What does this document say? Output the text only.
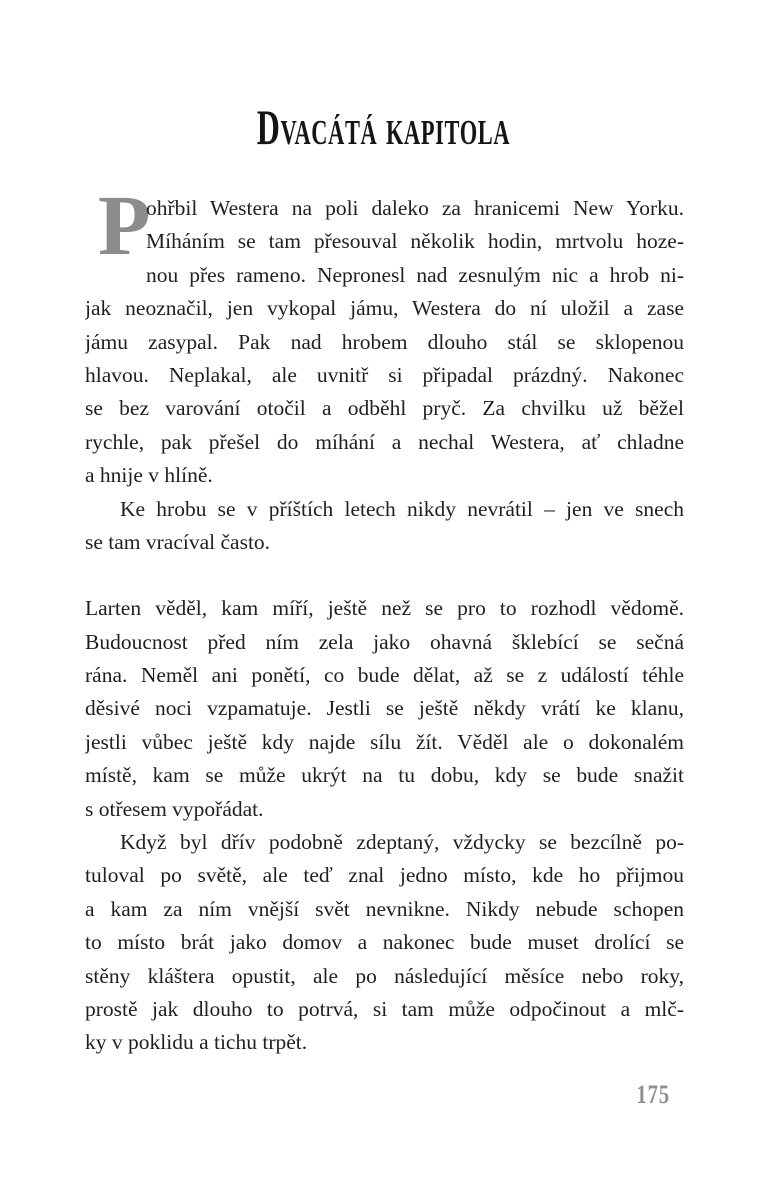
Dvacátá kapitola
P
ohřbil Westera na poli daleko za hranicemi New Yorku.
Míháním se tam přesouval několik hodin, mrtvolu hoze-
nou přes rameno. Nepronesl nad zesnulým nic a hrob ni-
jak neoznačil, jen vykopal jámu, Westera do ní uložil a zase
jámu zasypal. Pak nad hrobem dlouho stál se sklopenou
hlavou. Neplakal, ale uvnitř si připadal prázdný. Nakonec
se bez varování otočil a odběhl pryč. Za chvilku už běžel
rychle, pak přešel do míhání a nechal Westera, ať chladne
a hnije v hlíně.
Ke hrobu se v příštích letech nikdy nevrátil – jen ve snech
se tam vracíval často.
Larten věděl, kam míří, ještě než se pro to rozhodl vědomě.
Budoucnost před ním zela jako ohavná šklebící se sečná
rána. Neměl ani ponětí, co bude dělat, až se z událostí téhle
děsivé noci vzpamatuje. Jestli se ještě někdy vrátí ke klanu,
jestli vůbec ještě kdy najde sílu žít. Věděl ale o dokonalém
místě, kam se může ukrýt na tu dobu, kdy se bude snažit
s otřesem vypořádat.
Když byl dřív podobně zdeptaný, vždycky se bezcílně po-
tuloval po světě, ale teď znal jedno místo, kde ho přijmou
a kam za ním vnější svět nevnikne. Nikdy nebude schopen
to místo brát jako domov a nakonec bude muset drolící se
stěny kláštera opustit, ale po následující měsíce nebo roky,
prostě jak dlouho to potrvá, si tam může odpočinout a mlč-
ky v poklidu a tichu trpět.
175
